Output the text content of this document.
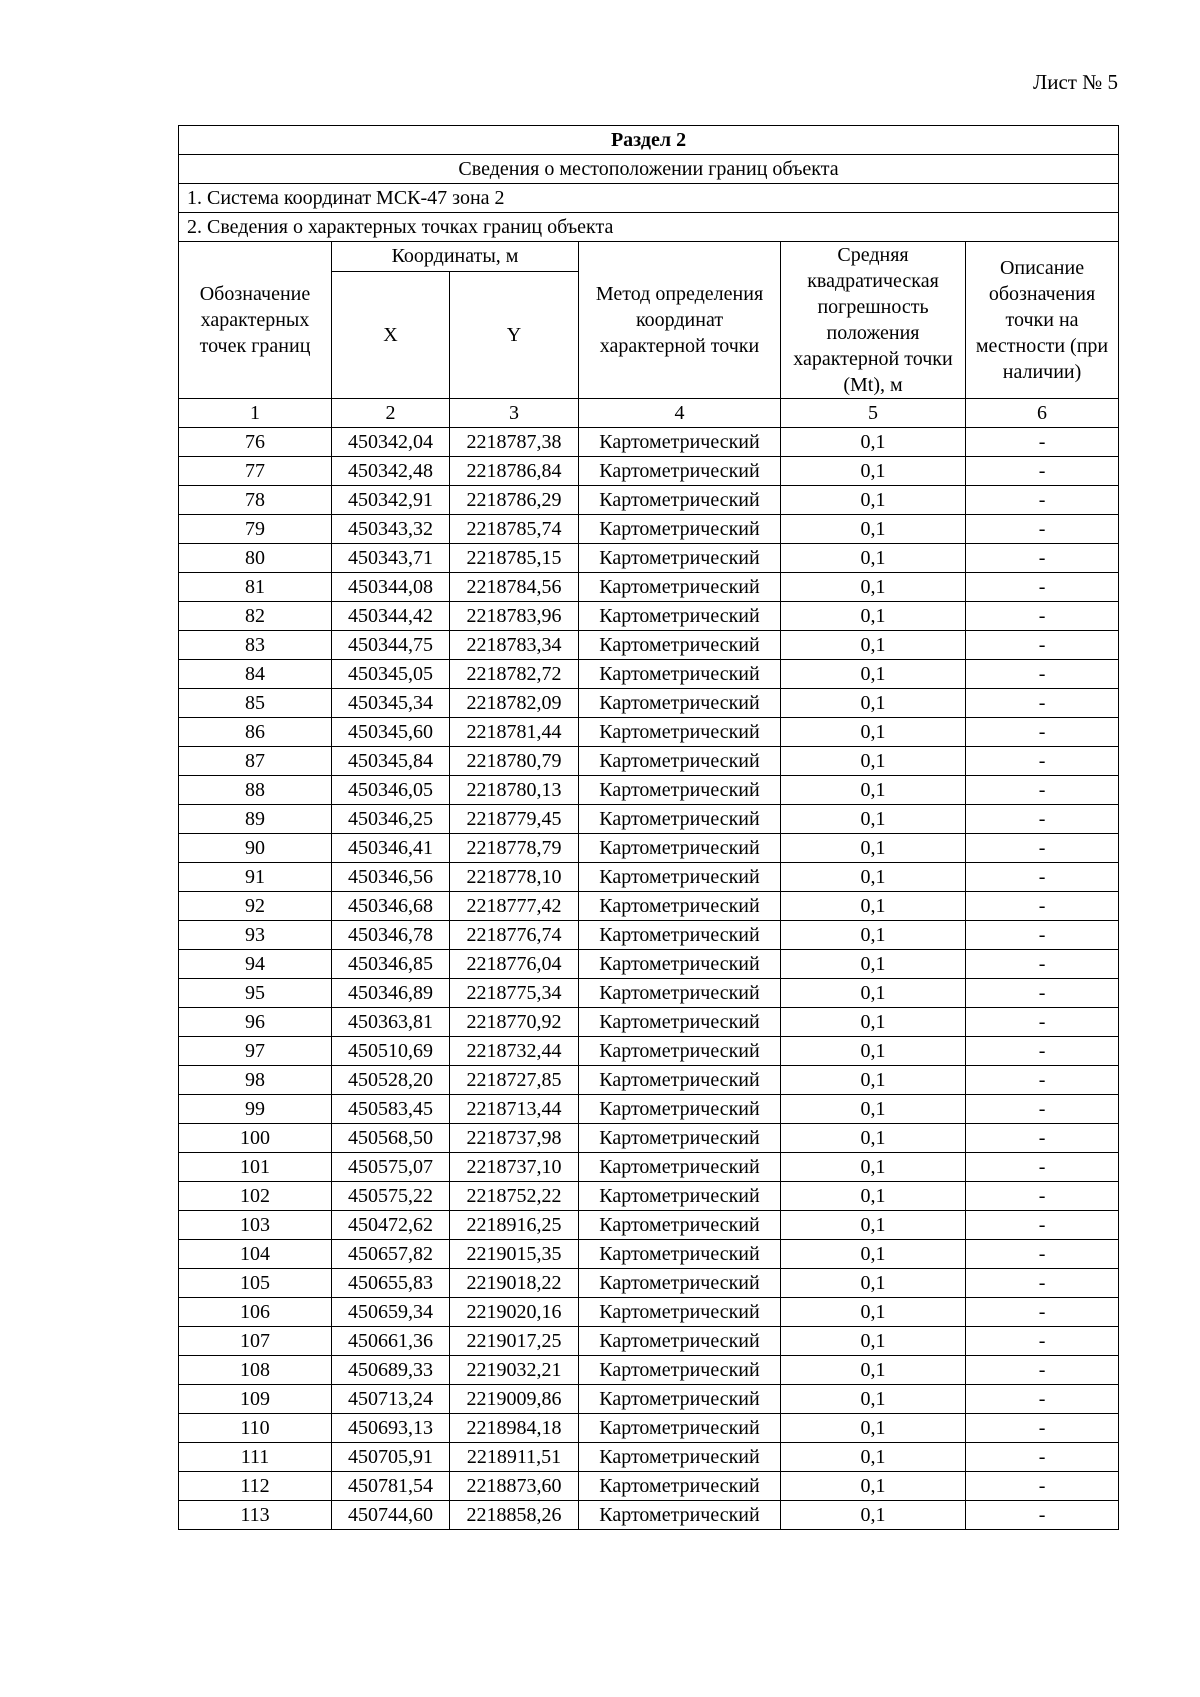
Лист № 5
Раздел 2					
Сведения о местоположении границ объекта					
1. Система координат МСК-47 зона 2					
2. Сведения о характерных точках границ объекта					
Обозначение характерных точек границ	Координаты, м		Метод определения координат характерной точки	Средняя квадратическая погрешность положения характерной точки (Mt), м	Описание обозначения точки на местности (при наличии)
	X	Y			
1	2	3	4	5	6
76	450342,04	2218787,38	Картометрический	0,1	-
77	450342,48	2218786,84	Картометрический	0,1	-
78	450342,91	2218786,29	Картометрический	0,1	-
79	450343,32	2218785,74	Картометрический	0,1	-
80	450343,71	2218785,15	Картометрический	0,1	-
81	450344,08	2218784,56	Картометрический	0,1	-
82	450344,42	2218783,96	Картометрический	0,1	-
83	450344,75	2218783,34	Картометрический	0,1	-
84	450345,05	2218782,72	Картометрический	0,1	-
85	450345,34	2218782,09	Картометрический	0,1	-
86	450345,60	2218781,44	Картометрический	0,1	-
87	450345,84	2218780,79	Картометрический	0,1	-
88	450346,05	2218780,13	Картометрический	0,1	-
89	450346,25	2218779,45	Картометрический	0,1	-
90	450346,41	2218778,79	Картометрический	0,1	-
91	450346,56	2218778,10	Картометрический	0,1	-
92	450346,68	2218777,42	Картометрический	0,1	-
93	450346,78	2218776,74	Картометрический	0,1	-
94	450346,85	2218776,04	Картометрический	0,1	-
95	450346,89	2218775,34	Картометрический	0,1	-
96	450363,81	2218770,92	Картометрический	0,1	-
97	450510,69	2218732,44	Картометрический	0,1	-
98	450528,20	2218727,85	Картометрический	0,1	-
99	450583,45	2218713,44	Картометрический	0,1	-
100	450568,50	2218737,98	Картометрический	0,1	-
101	450575,07	2218737,10	Картометрический	0,1	-
102	450575,22	2218752,22	Картометрический	0,1	-
103	450472,62	2218916,25	Картометрический	0,1	-
104	450657,82	2219015,35	Картометрический	0,1	-
105	450655,83	2219018,22	Картометрический	0,1	-
106	450659,34	2219020,16	Картометрический	0,1	-
107	450661,36	2219017,25	Картометрический	0,1	-
108	450689,33	2219032,21	Картометрический	0,1	-
109	450713,24	2219009,86	Картометрический	0,1	-
110	450693,13	2218984,18	Картометрический	0,1	-
111	450705,91	2218911,51	Картометрический	0,1	-
112	450781,54	2218873,60	Картометрический	0,1	-
113	450744,60	2218858,26	Картометрический	0,1	-
